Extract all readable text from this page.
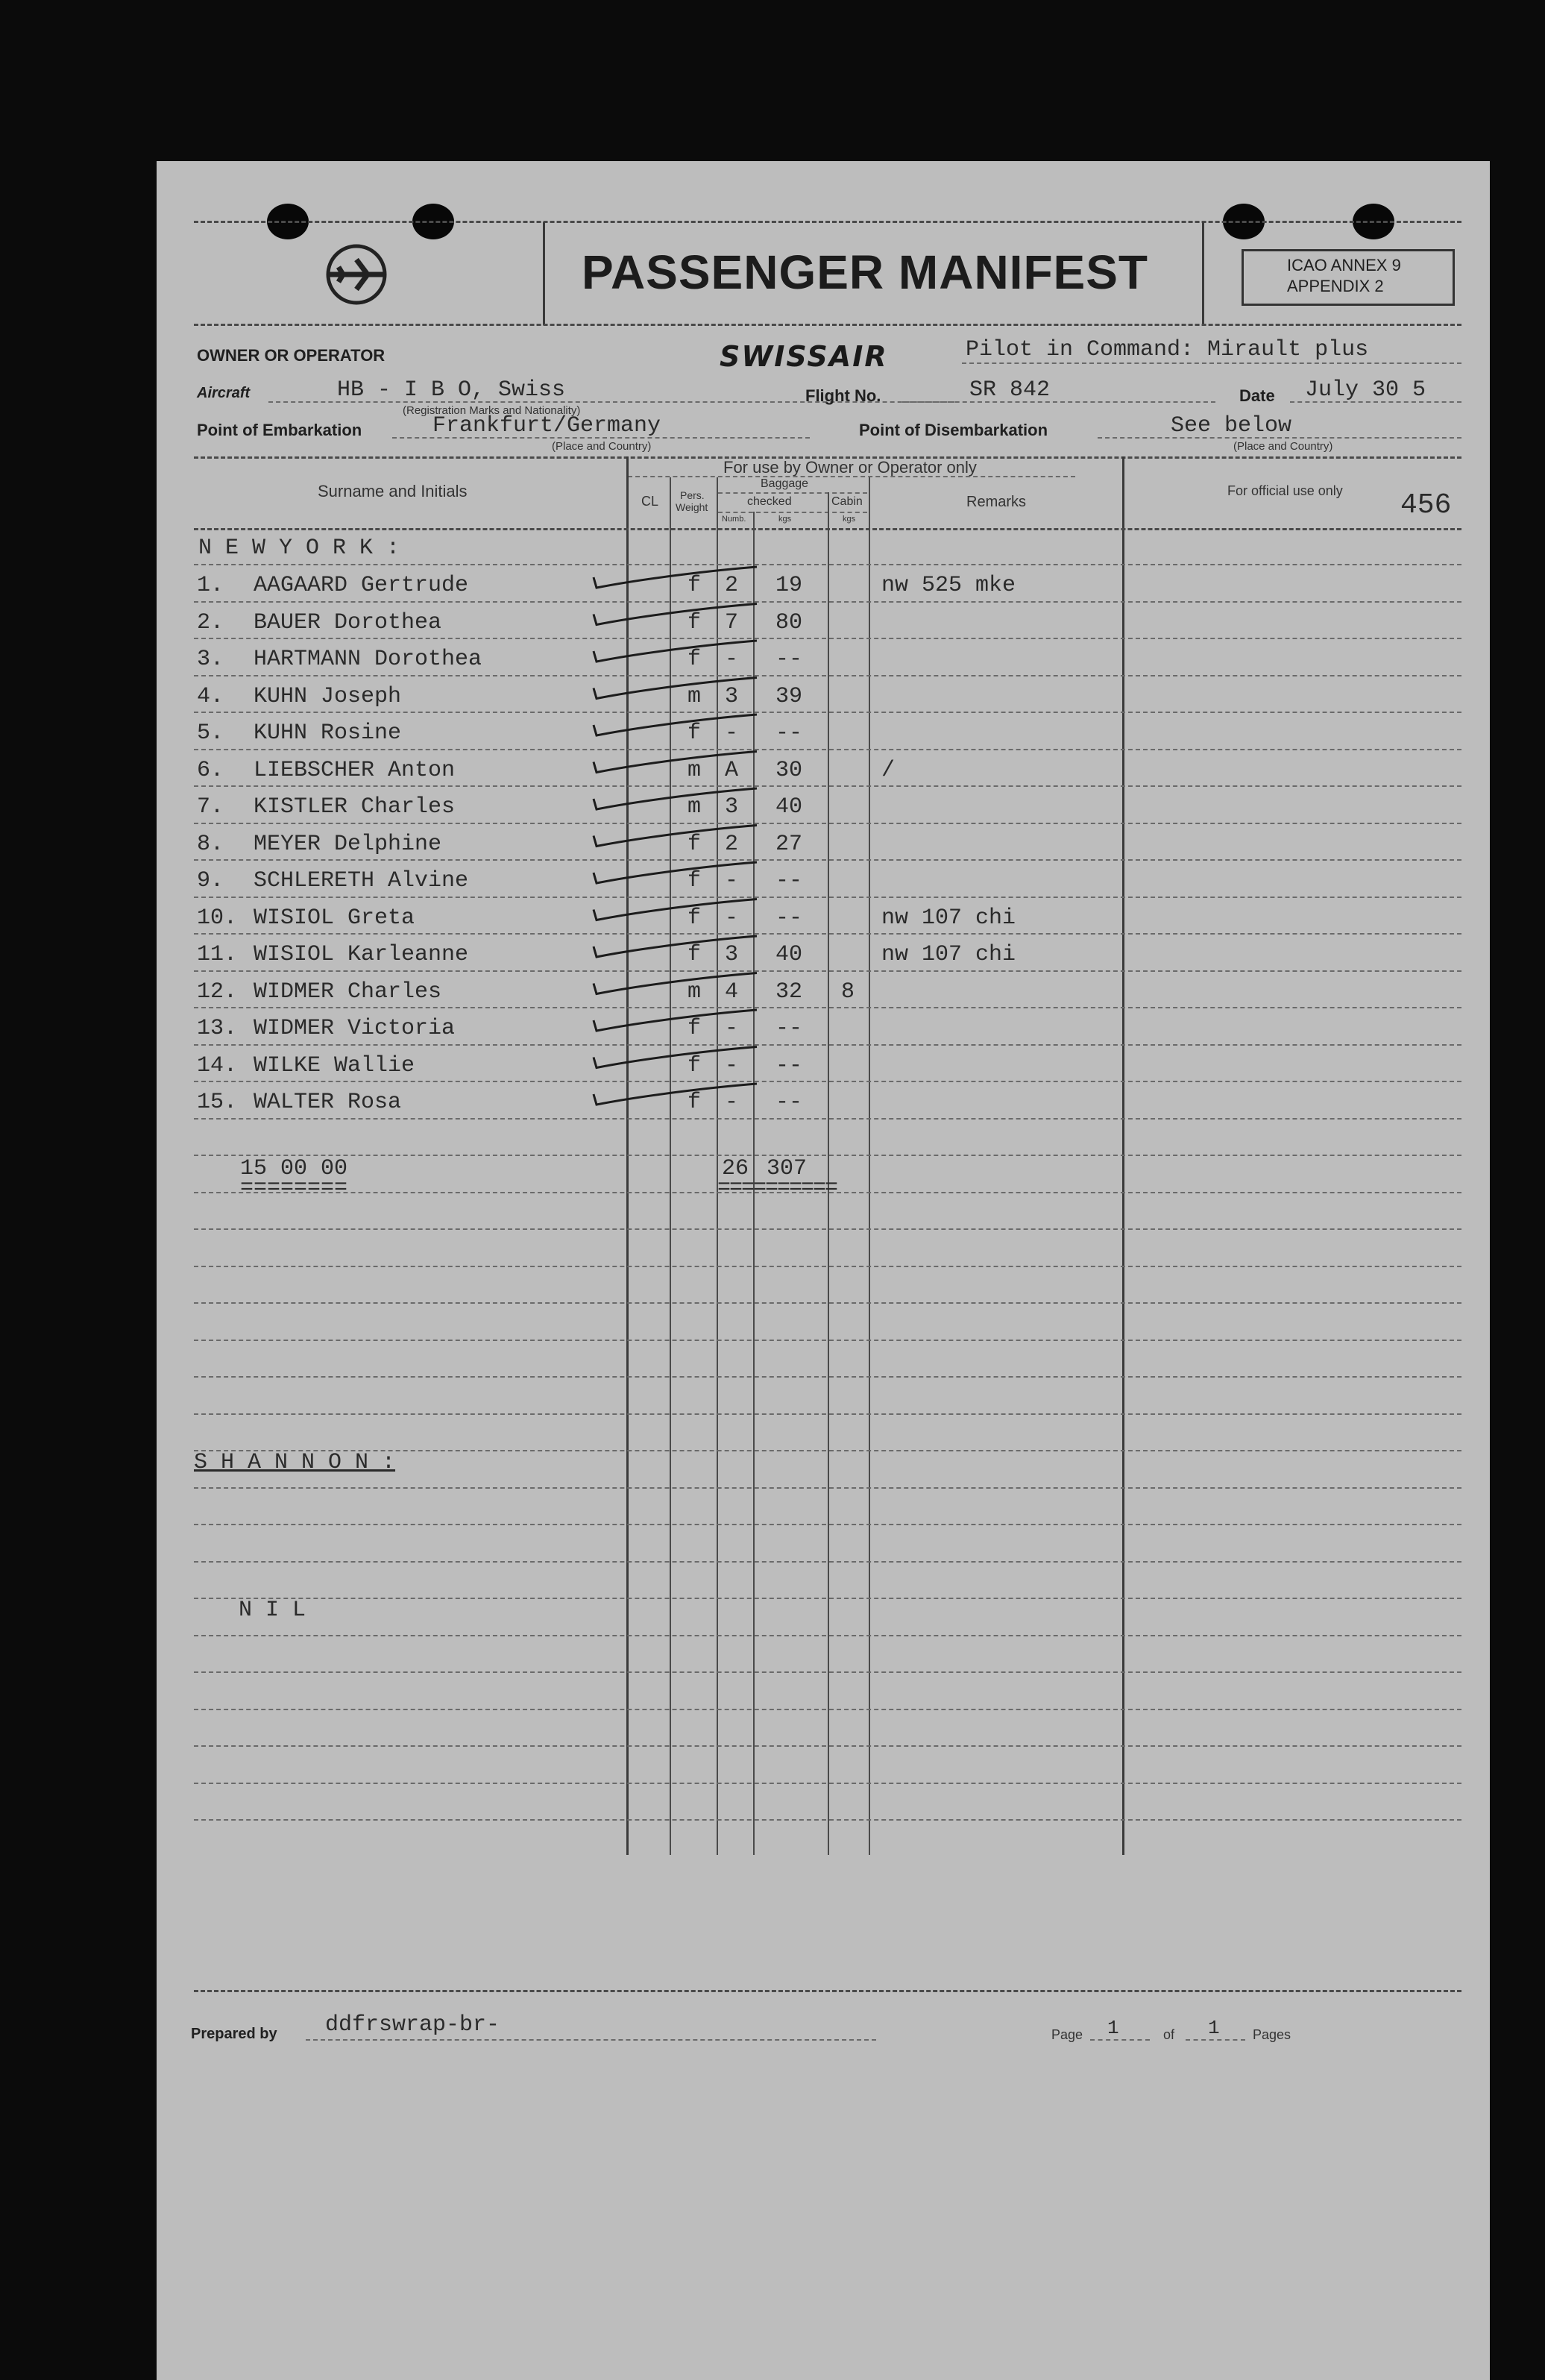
PASSENGER MANIFEST	ICAO ANNEX 9
APPENDIX 2
OWNER OR OPERATOR	SWISSAIR	Pilot in Command: Mirault plus
Aircraft	HB - I B O, Swiss
(Registration Marks and Nationality)
Flight No.	SR 842	Date July 30 5
Point of Embarkation	Frankfurt/Germany
(Place and Country)
Point of Disembarkation	See below
(Place and Country)
Surname and Initials
For use by Owner or Operator only
CL Pers.
Weight
Baggage
checked	Cabin
Numb.	kgs	kgs
Remarks
For official use only 456
N E W Y O R K :
1. AAGAARD Gertrude	f 2 19	nw 525 mke
2. BAUER Dorothea	f 7 80
3. HARTMANN Dorothea	f - --
4. KUHN Joseph	m 3 39
5. KUHN Rosine	f - --
6. LIEBSCHER Anton	m A 30	/
7. KISTLER Charles	m 3 40
8. MEYER Delphine	f 2 27
9. SCHLERETH Alvine	f - --
10. WISIOL Greta	f - --	nw 107 chi
11. WISIOL Karleanne	f 3 40	nw 107 chi
12. WIDMER Charles	m 4 32 8
13. WIDMER Victoria	f - --
14. WILKE Wallie	f - --
15. WALTER Rosa	f - --
15 00 00
========
26 307
==========
S H A N N O N :
N I L
Prepared by ddfrswrap-br-	Page 1	of 1 Pages
